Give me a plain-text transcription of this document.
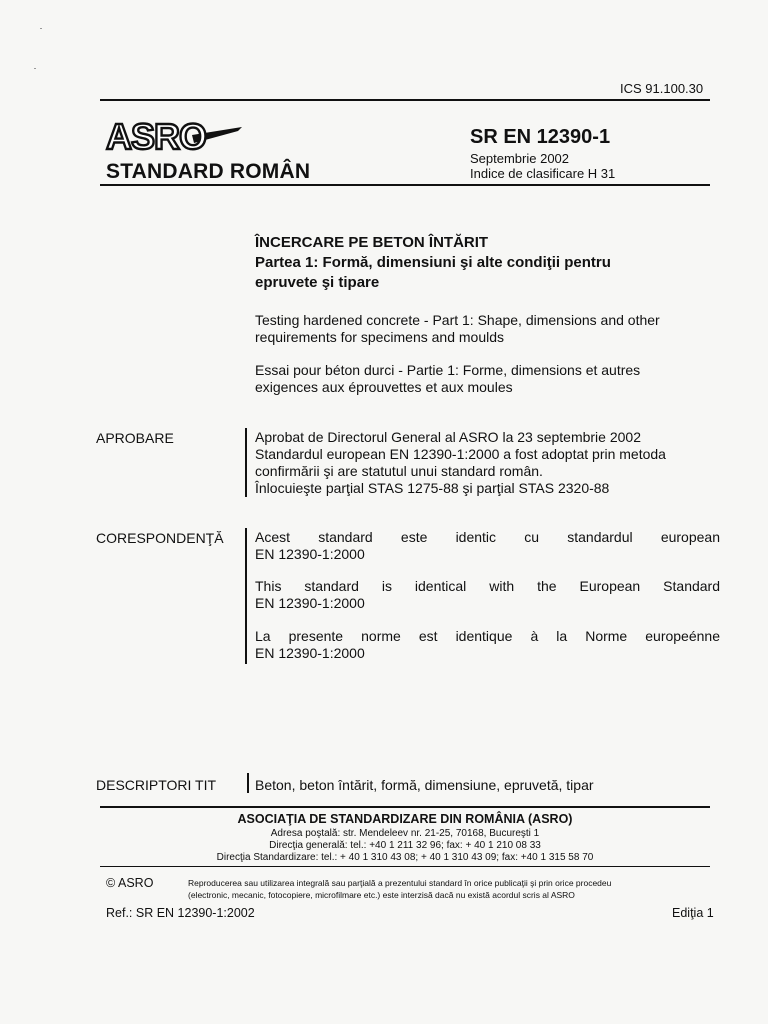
ICS 91.100.30
ASRO
STANDARD ROMÂN
SR EN 12390-1
Septembrie 2002
Indice de clasificare H 31
ÎNCERCARE PE BETON ÎNTĂRIT
Partea 1: Formă, dimensiuni şi alte condiţii pentru
epruvete şi tipare
Testing hardened concrete - Part 1: Shape, dimensions and other
requirements for specimens and moulds
Essai pour béton durci - Partie 1: Forme, dimensions et autres
exigences aux éprouvettes et aux moules
APROBARE	Aprobat de Directorul General al ASRO la 23 septembrie 2002
Standardul european EN 12390-1:2000 a fost adoptat prin metoda
confirmării şi are statutul unui standard român.
Înlocuieşte parţial STAS 1275-88 şi parţial STAS 2320-88
CORESPONDENŢĂ Acest standard este identic cu standardul european
EN 12390-1:2000
This standard is identical with the European Standard
EN 12390-1:2000
La presente norme est identique à la Norme europeénne
EN 12390-1:2000
DESCRIPTORI TIT	Beton, beton întărit, formă, dimensiune, epruvetă, tipar
ASOCIAŢIA DE STANDARDIZARE DIN ROMÂNIA (ASRO)
Adresa poştală: str. Mendeleev nr. 21-25, 70168, Bucureşti 1
Direcţia generală: tel.: +40 1 211 32 96; fax: + 40 1 210 08 33
Direcţia Standardizare: tel.: + 40 1 310 43 08; + 40 1 310 43 09; fax: +40 1 315 58 70
© ASRO	Reproducerea sau utilizarea integrală sau parţială a prezentului standard în orice publicaţii şi prin orice procedeu
(electronic, mecanic, fotocopiere, microfilmare etc.) este interzisă dacă nu există acordul scris al ASRO
Ref.: SR EN 12390-1:2002	Ediţia 1
